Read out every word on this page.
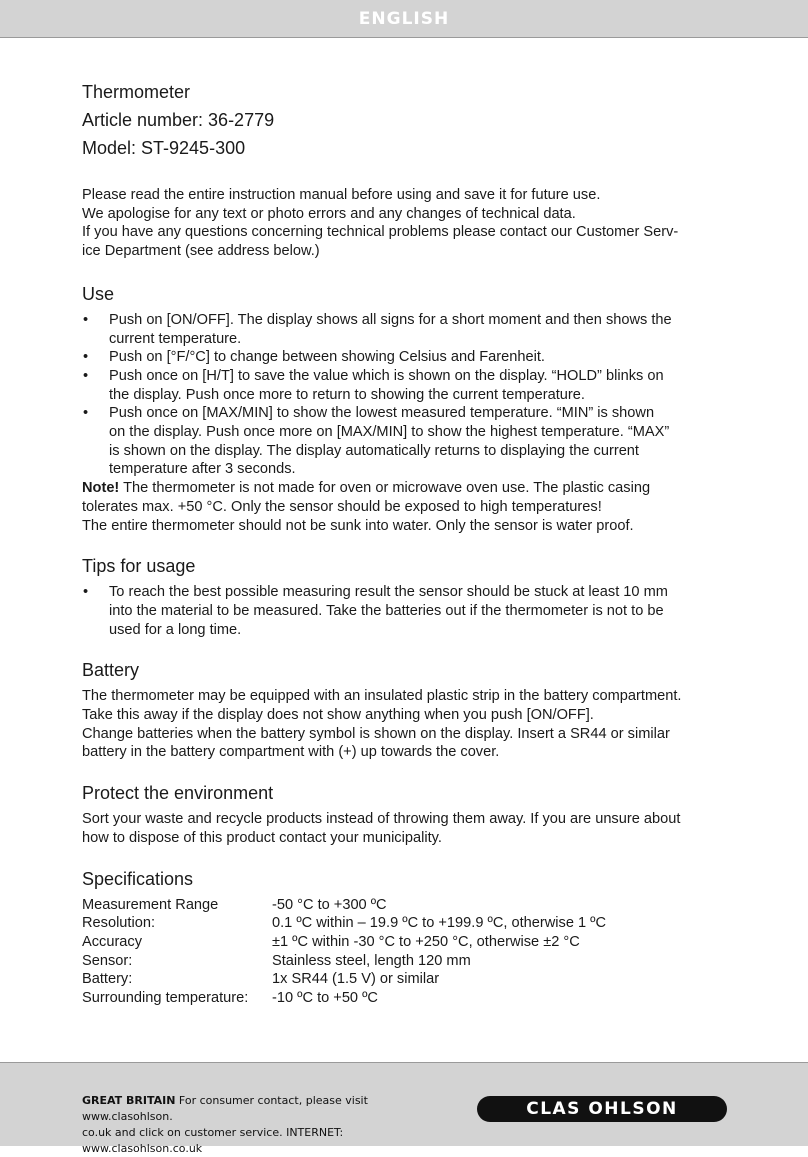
ENGLISH
Thermometer
Article number: 36-2779
Model: ST-9245-300

Please read the entire instruction manual before using and save it for future use.
We apologise for any text or photo errors and any changes of technical data.
If you have any questions concerning technical problems please contact our Customer Serv-
ice Department (see address below.)

Use
• Push on [ON/OFF]. The display shows all signs for a short moment and then shows the
current temperature.
• Push on [°F/°C] to change between showing Celsius and Farenheit.
• Push once on [H/T] to save the value which is shown on the display. “HOLD” blinks on
the display. Push once more to return to showing the current temperature.
• Push once on [MAX/MIN] to show the lowest measured temperature. “MIN” is shown
on the display. Push once more on [MAX/MIN] to show the highest temperature. “MAX”
is shown on the display. The display automatically returns to displaying the current
temperature after 3 seconds.

Note! The thermometer is not made for oven or microwave oven use. The plastic casing
tolerates max. +50 °C. Only the sensor should be exposed to high temperatures!
The entire thermometer should not be sunk into water. Only the sensor is water proof.

Tips for usage
• To reach the best possible measuring result the sensor should be stuck at least 10 mm
into the material to be measured. Take the batteries out if the thermometer is not to be
used for a long time.
Battery

The thermometer may be equipped with an insulated plastic strip in the battery compartment.
Take this away if the display does not show anything when you push [ON/OFF].
Change batteries when the battery symbol is shown on the display. Insert a SR44 or similar
battery in the battery compartment with (+) up towards the cover.

Protect the environment

Sort your waste and recycle products instead of throwing them away. If you are unsure about
how to dispose of this product contact your municipality.

Specifications
Measurement Range	-50 °C to +300 ºC
Resolution:	0.1 ºC within – 19.9 ºC to +199.9 ºC, otherwise 1 ºC
Accuracy	±1 ºC within -30 °C to +250 °C, otherwise ±2 °C
Sensor:	Stainless steel, length 120 mm
Battery:	1x SR44 (1.5 V) or similar
Surrounding temperature:	-10 ºC to +50 ºC
GREAT BRITAIN For consumer contact, please visit www.clasohlson.
co.uk and click on customer service. INTERNET: www.clasohlson.co.uk
CLAS OHLSON
